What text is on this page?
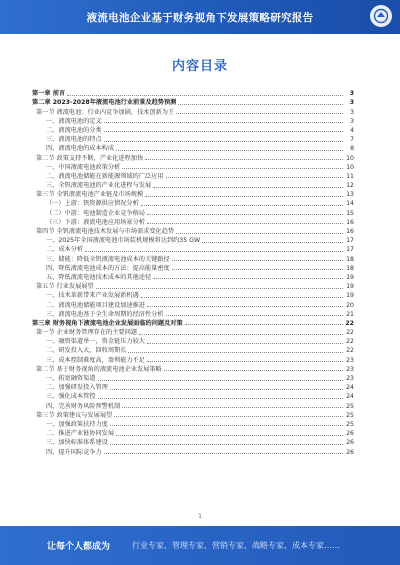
液流电池企业基于财务视角下发展策略研究报告
内容目录
第一章 前言	3
第二章 2023-2028年液流电池行业前景及趋势预测	3
第一节 液流电池：行业内竞争加剧，技术创新为王	3
一、液流电池的定义	3
二、液流电池的分类	4
三、液流电池的特点	7
四、液流电池的成本构成	8
第二节 政策支持不断，产业化进程加快	10
一、中国液流电池政策分析	10
二、液流电池储能在新能源领域的广泛应用	11
三、全钒液流电池的产业化进程与发展	12
第三节 全钒液流电池产业链及市场规模	13
（一）上游：钒资源供应情况分析	14
（二）中游：电池制造企业竞争格局	15
（三）下游：液流电池应用场景分析	16
第四节 全钒液流电池技术发展与市场需求变化趋势	16
一、2025年全国液流电池市场装机规模将达到约35 GW	17
二、成本分析	17
三、储能：降低全钒液流电池成本的关键路径	18
四、降低液流电池成本的方法：提高能量密度	18
五、降低液流电池技术成本的其他途径	19
第五节 行业发展展望	19
一、技术革新带来产业发展新机遇	19
二、液流电池储能项目建设加速推进	20
三、液流电池基于全生命周期的经济性分析	21
第三章 财务视角下液流电池企业发展面临的问题及对策	22
第一节 企业财务管理存在的主要问题	22
一、融资渠道单一，资金链压力较大	22
二、研发投入大，回收周期长	22
三、成本控制难度高，盈利能力不足	23
第二节 基于财务视角的液流电池企业发展策略	23
一、拓宽融资渠道	23
二、加强研发投入管理	24
三、强化成本管控	24
四、完善财务风险预警机制	25
第三节 政策建议与发展展望	25
一、加强政策扶持力度	25
二、推进产业链协同发展	26
三、加快标准体系建设	26
四、提升国际竞争力	26
1
让每个人都成为	行业专家、管理专家、营销专家、战略专家、成本专家……
